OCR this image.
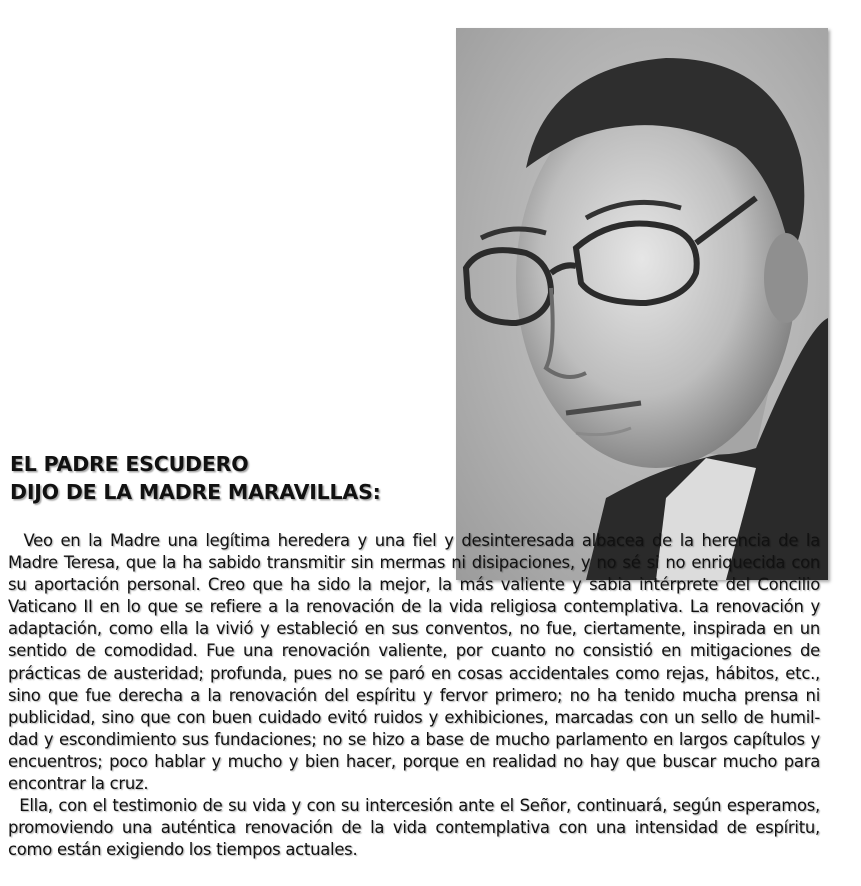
EL PADRE ESCUDERO
DIJO DE LA MADRE MARAVILLAS:
Veo en la Madre una legítima heredera y una fiel y desinteresada albacea de la herencia de la
Madre Teresa, que la ha sabido transmitir sin mermas ni disipaciones, y no sé si no enriquecida con
su aportación personal. Creo que ha sido la mejor, la más valiente y sabia intérprete del Concilio
Vaticano II en lo que se refiere a la renovación de la vida religiosa contemplativa. La renovación y
adaptación, como ella la vivió y estableció en sus conventos, no fue, ciertamente, inspirada en un
sentido de comodidad. Fue una renovación valiente, por cuanto no consistió en mitigaciones de
prácticas de austeridad; profunda, pues no se paró en cosas accidentales como rejas, hábitos, etc.,
sino que fue derecha a la renovación del espíritu y fervor primero; no ha tenido mucha prensa ni
publicidad, sino que con buen cuidado evitó ruidos y exhibiciones, marcadas con un sello de humil-
dad y escondimiento sus fundaciones; no se hizo a base de mucho parlamento en largos capítulos y
encuentros; poco hablar y mucho y bien hacer, porque en realidad no hay que buscar mucho para
encontrar la cruz.
Ella, con el testimonio de su vida y con su intercesión ante el Señor, continuará, según esperamos,
promoviendo una auténtica renovación de la vida contemplativa con una intensidad de espíritu,
como están exigiendo los tiempos actuales.
